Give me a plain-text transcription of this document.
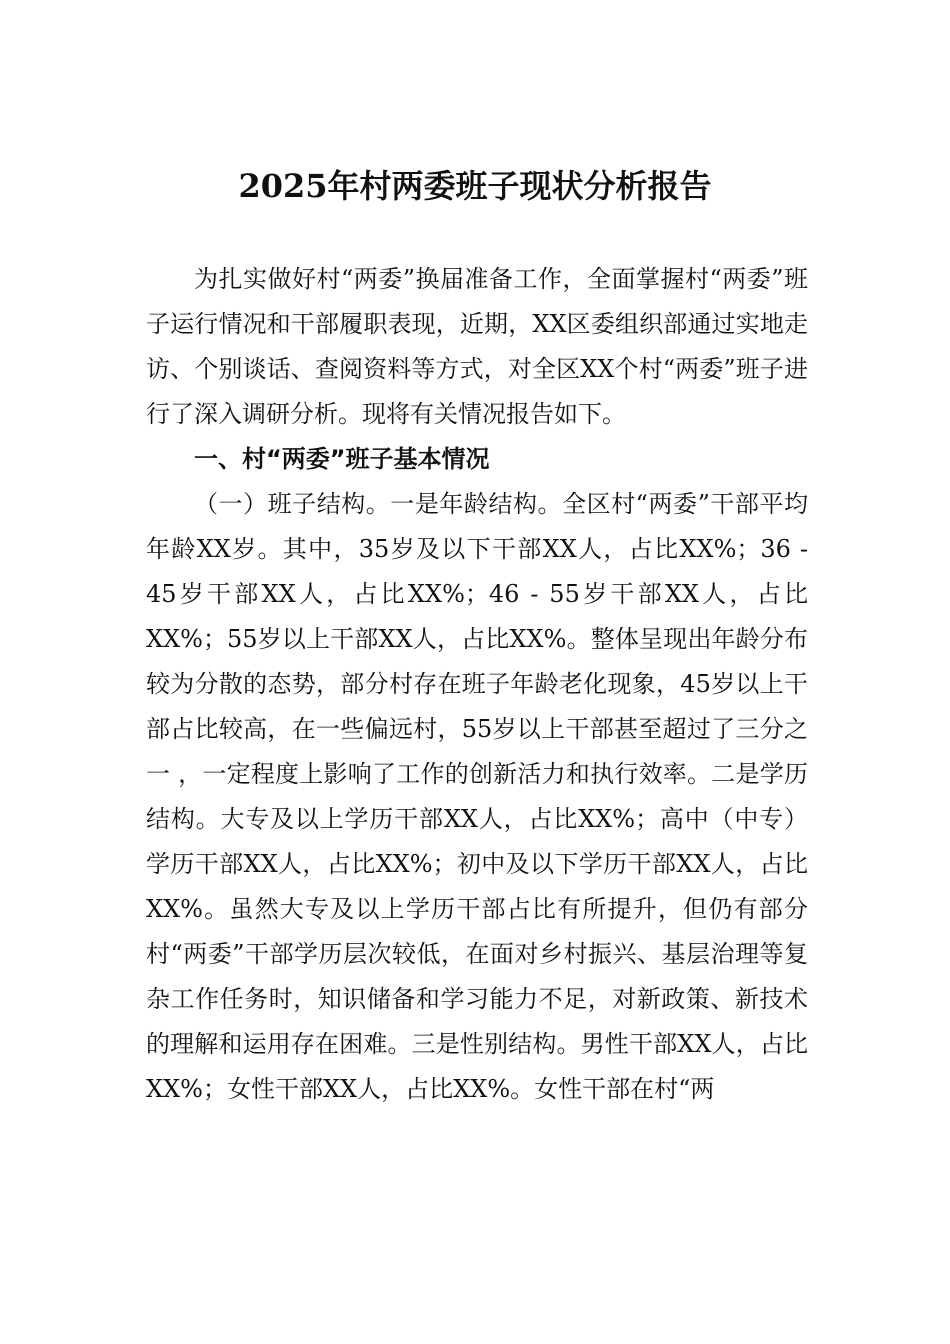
2025年村两委班子现状分析报告

为扎实做好村“两委”换届准备工作，全面掌握村“两委”班子运行情况和干部履职表现，近期，XX区委组织部通过实地走访、个别谈话、查阅资料等方式，对全区XX个村“两委”班子进行了深入调研分析。现将有关情况报告如下。

一、村“两委”班子基本情况

（一）班子结构。一是年龄结构。全区村“两委”干部平均年龄XX岁。其中，35岁及以下干部XX人，占比XX%；36 - 45岁干部XX人，占比XX%；46 - 55岁干部XX人，占比XX%；55岁以上干部XX人，占比XX%。整体呈现出年龄分布较为分散的态势，部分村存在班子年龄老化现象，45岁以上干部占比较高，在一些偏远村，55岁以上干部甚至超过了三分之一 ，一定程度上影响了工作的创新活力和执行效率。二是学历结构。大专及以上学历干部XX人，占比XX%；高中（中专）学历干部XX人，占比XX%；初中及以下学历干部XX人，占比XX%。虽然大专及以上学历干部占比有所提升，但仍有部分村“两委”干部学历层次较低，在面对乡村振兴、基层治理等复杂工作任务时，知识储备和学习能力不足，对新政策、新技术的理解和运用存在困难。三是性别结构。男性干部XX人，占比XX%；女性干部XX人，占比XX%。女性干部在村“两
